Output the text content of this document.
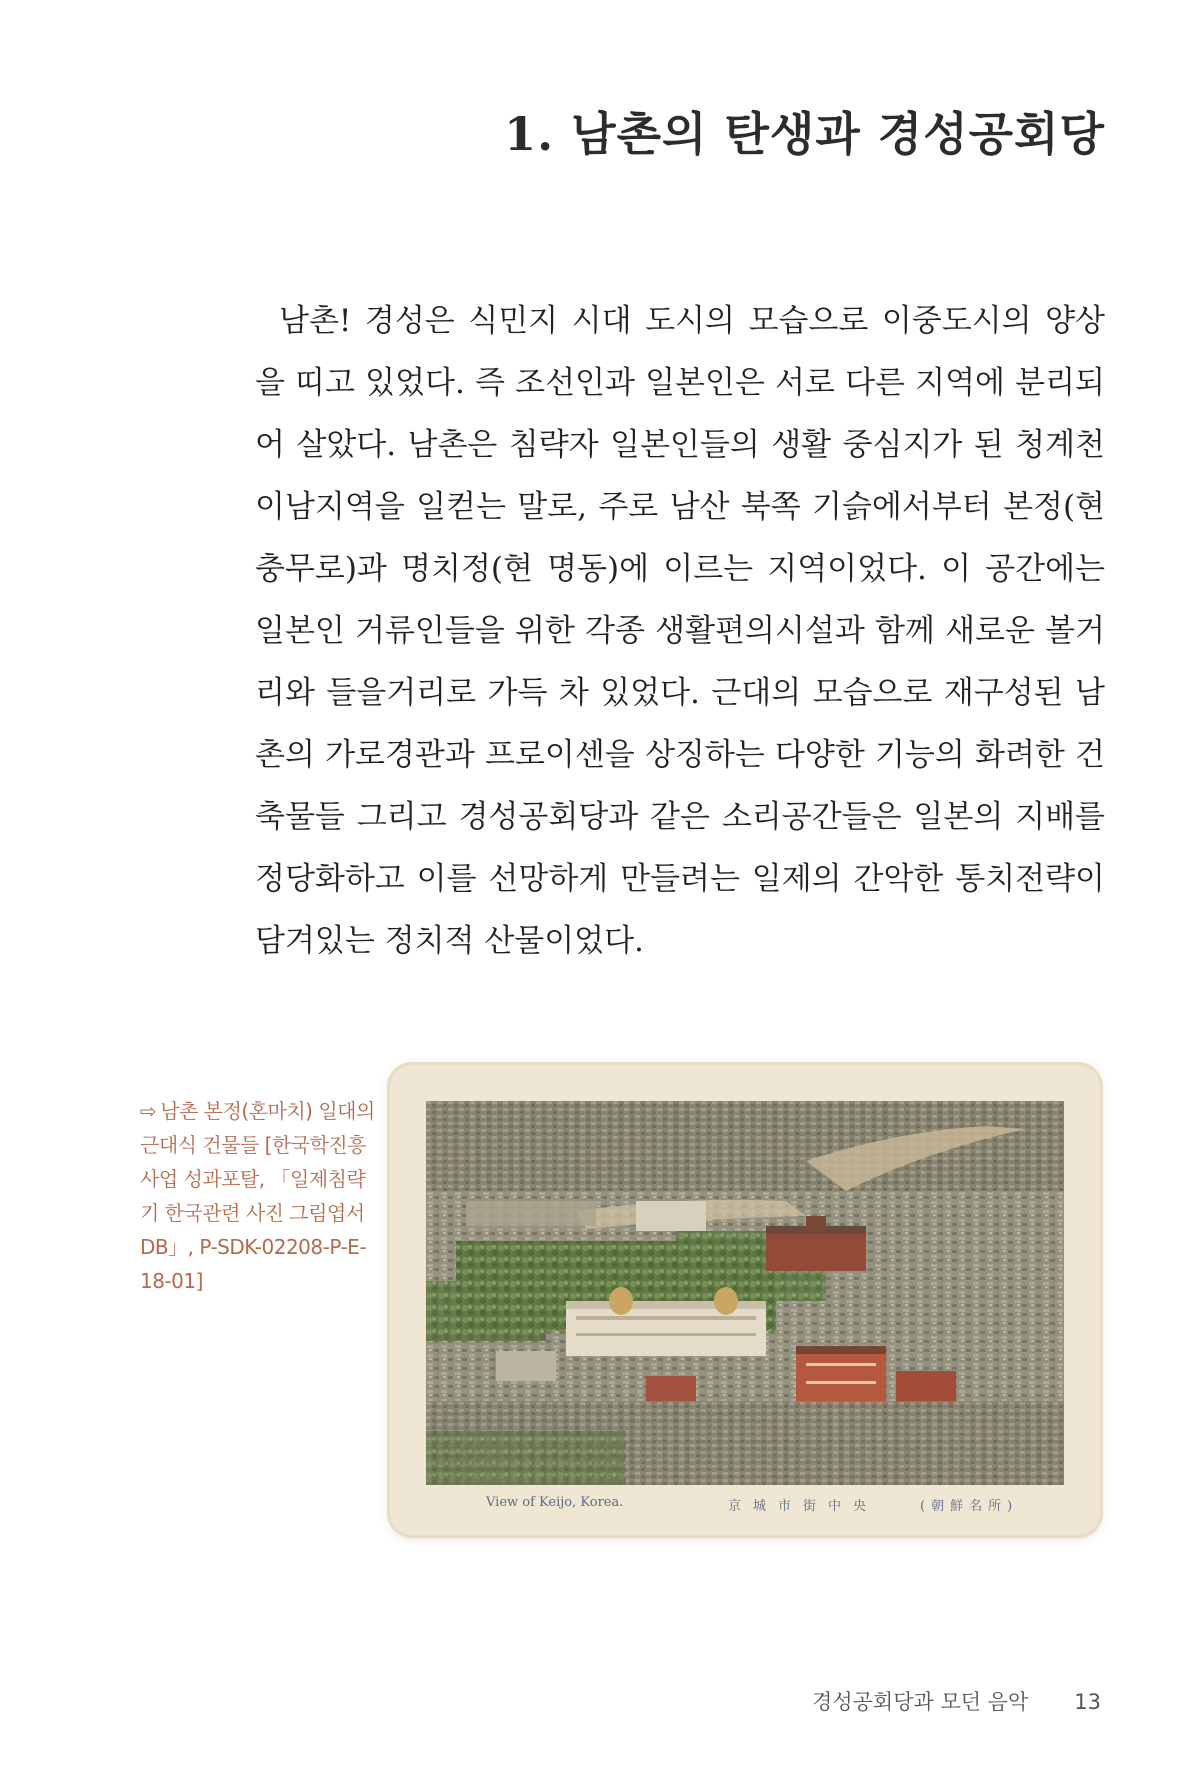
1. 남촌의 탄생과 경성공회당

남촌! 경성은 식민지 시대 도시의 모습으로 이중도시의 양상을 띠고 있었다. 즉 조선인과 일본인은 서로 다른 지역에 분리되어 살았다. 남촌은 침략자 일본인들의 생활 중심지가 된 청계천 이남지역을 일컫는 말로, 주로 남산 북쪽 기슭에서부터 본정(현 충무로)과 명치정(현 명동)에 이르는 지역이었다. 이 공간에는 일본인 거류인들을 위한 각종 생활편의시설과 함께 새로운 볼거리와 들을거리로 가득 차 있었다. 근대의 모습으로 재구성된 남촌의 가로경관과 프로이센을 상징하는 다양한 기능의 화려한 건축물들 그리고 경성공회당과 같은 소리공간들은 일본의 지배를 정당화하고 이를 선망하게 만들려는 일제의 간악한 통치전략이 담겨있는 정치적 산물이었다.

⇨ 남촌 본정(혼마치) 일대의 근대식 건물들 [한국학진흥사업 성과포탈, 「일제침략기 한국관련 사진 그림엽서 DB」, P-SDK-02208-P-E-18-01]
View of Keijo, Korea.	京城市街中央	(朝鮮名所)
경성공회당과 모던 음악 13
